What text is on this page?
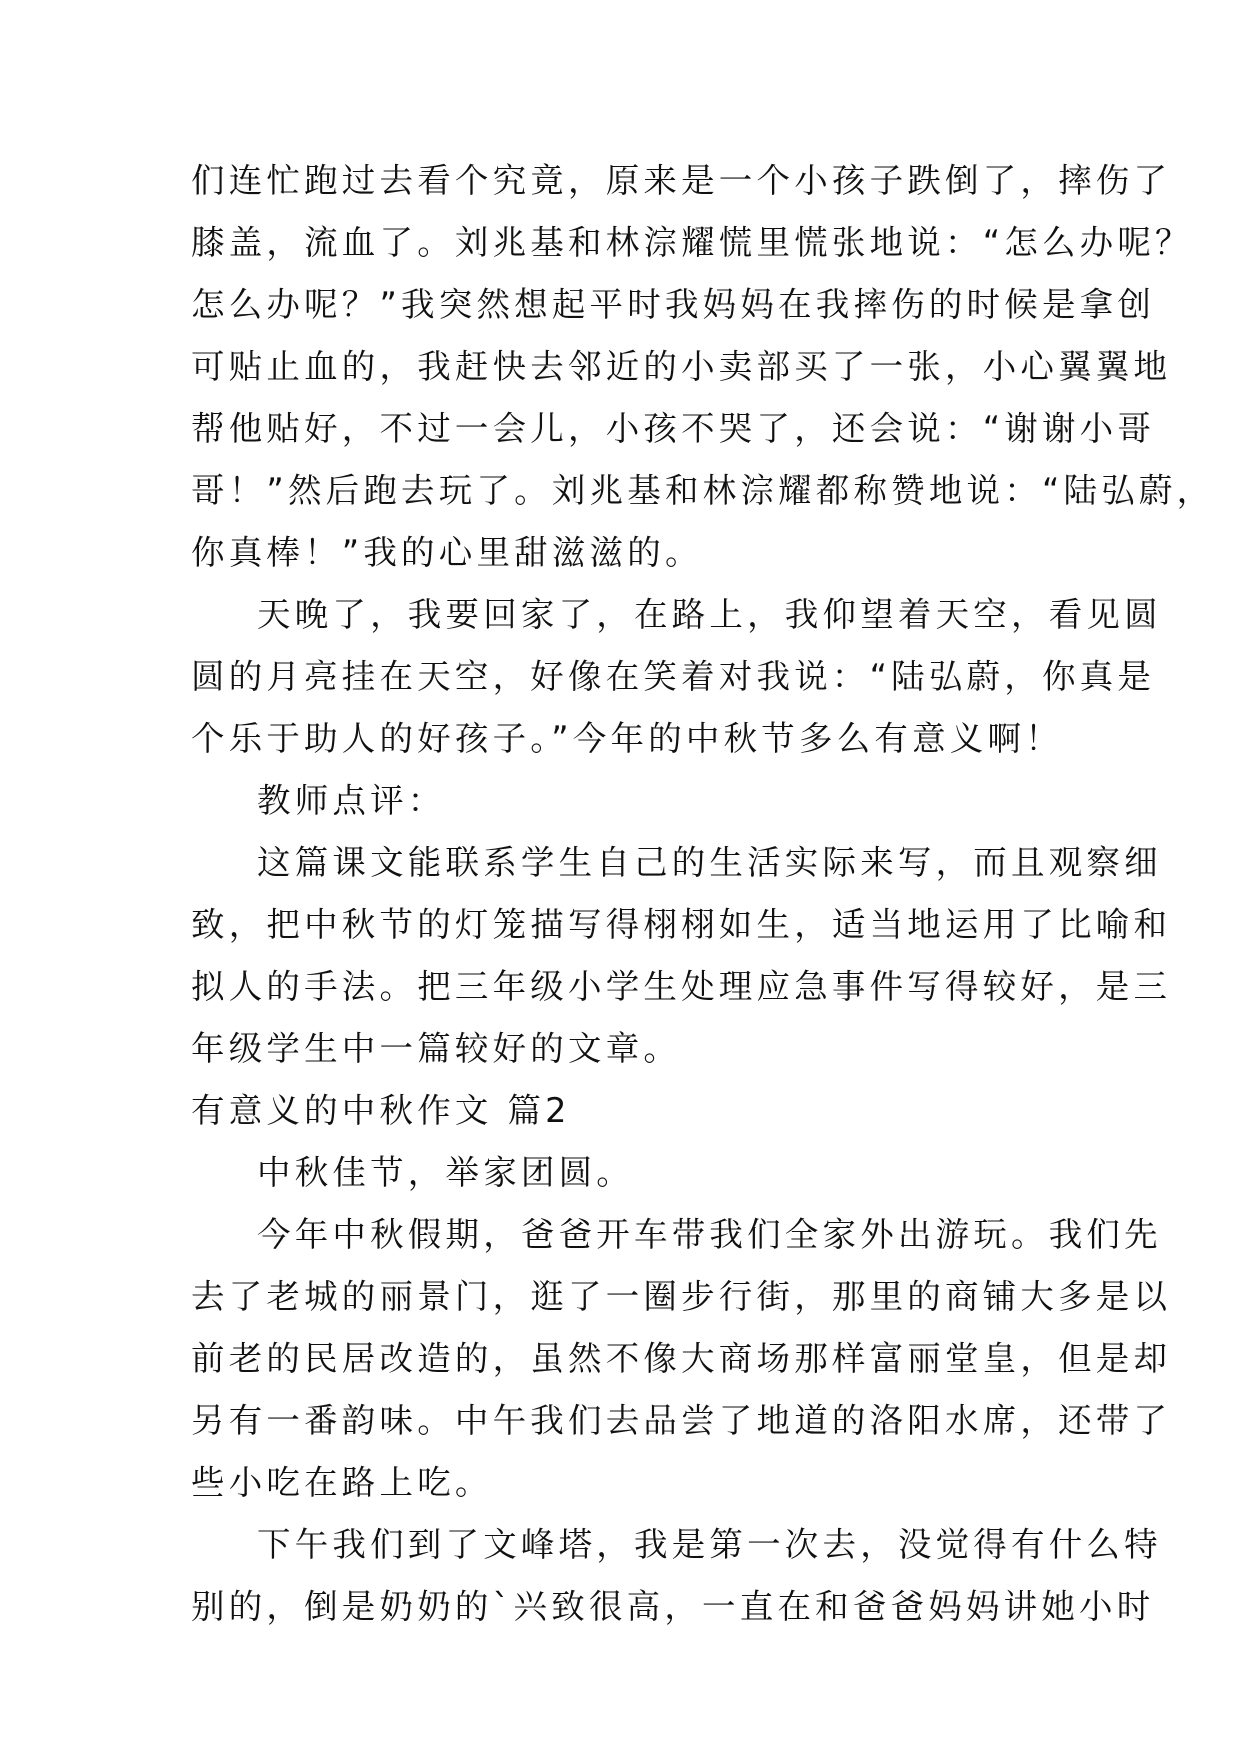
们连忙跑过去看个究竟，原来是一个小孩子跌倒了，摔伤了
膝盖，流血了。刘兆基和林淙耀慌里慌张地说：“怎么办呢？
怎么办呢？”我突然想起平时我妈妈在我摔伤的时候是拿创
可贴止血的，我赶快去邻近的小卖部买了一张，小心翼翼地
帮他贴好，不过一会儿，小孩不哭了，还会说：“谢谢小哥
哥！”然后跑去玩了。刘兆基和林淙耀都称赞地说：“陆弘蔚，
你真棒！”我的心里甜滋滋的。
天晚了，我要回家了，在路上，我仰望着天空，看见圆
圆的月亮挂在天空，好像在笑着对我说：“陆弘蔚，你真是
个乐于助人的好孩子。”今年的中秋节多么有意义啊！
教师点评：
这篇课文能联系学生自己的生活实际来写，而且观察细
致，把中秋节的灯笼描写得栩栩如生，适当地运用了比喻和
拟人的手法。把三年级小学生处理应急事件写得较好，是三
年级学生中一篇较好的文章。
有意义的中秋作文 篇2
中秋佳节，举家团圆。
今年中秋假期，爸爸开车带我们全家外出游玩。我们先
去了老城的丽景门，逛了一圈步行街，那里的商铺大多是以
前老的民居改造的，虽然不像大商场那样富丽堂皇，但是却
另有一番韵味。中午我们去品尝了地道的洛阳水席，还带了
些小吃在路上吃。
下午我们到了文峰塔，我是第一次去，没觉得有什么特
别的，倒是奶奶的`兴致很高，一直在和爸爸妈妈讲她小时
